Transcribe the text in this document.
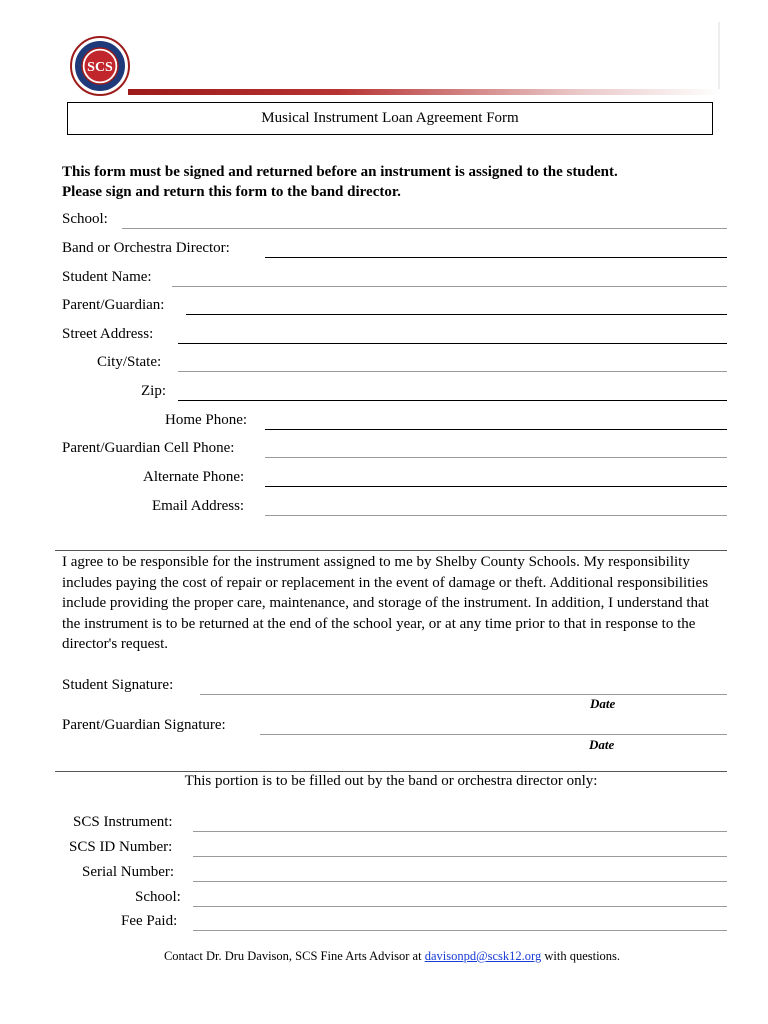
SCS
Musical Instrument Loan Agreement Form
This form must be signed and returned before an instrument is assigned to the student.
Please sign and return this form to the band director.
School:
Band or Orchestra Director:
Student Name:
Parent/Guardian:
Street Address:
City/State:
Zip:
Home Phone:
Parent/Guardian Cell Phone:
Alternate Phone:
Email Address:
I agree to be responsible for the instrument assigned to me by Shelby County Schools. My responsibility includes paying the cost of repair or replacement in the event of damage or theft. Additional responsibilities include providing the proper care, maintenance, and storage of the instrument. In addition, I understand that the instrument is to be returned at the end of the school year, or at any time prior to that in response to the director's request.
Student Signature:
Date
Parent/Guardian Signature:
Date
This portion is to be filled out by the band or orchestra director only:
SCS Instrument:
SCS ID Number:
Serial Number:
School:
Fee Paid:
Contact Dr. Dru Davison, SCS Fine Arts Advisor at davisonpd@scsk12.org with questions.
